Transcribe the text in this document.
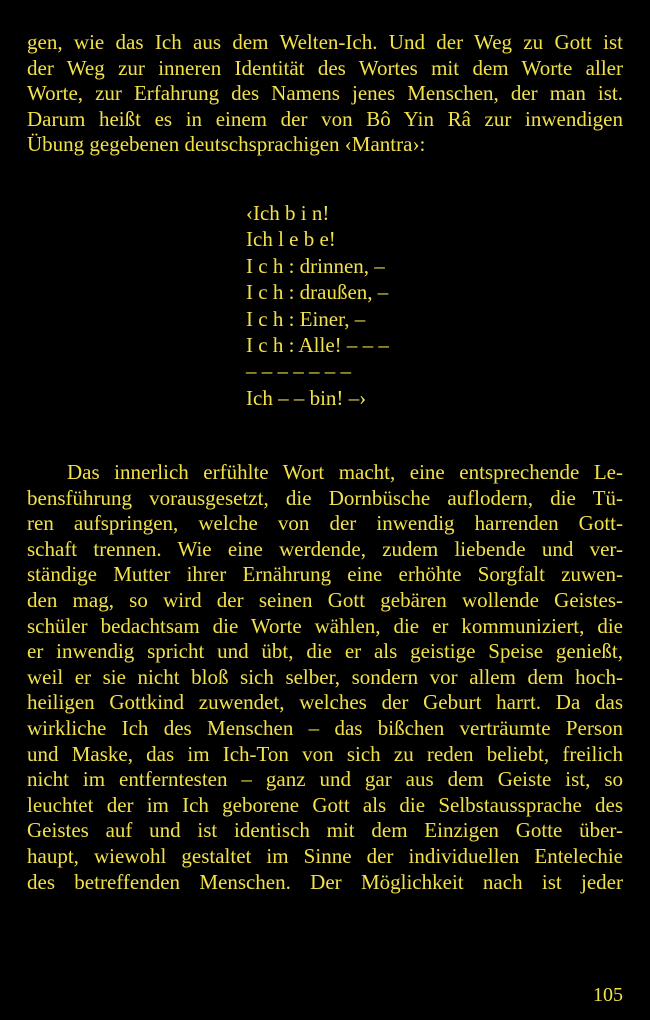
gen, wie das Ich aus dem Welten-Ich. Und der Weg zu Gott ist
der Weg zur inneren Identität des Wortes mit dem Worte aller
Worte, zur Erfahrung des Namens jenes Menschen, der man ist.
Darum heißt es in einem der von Bô Yin Râ zur inwendigen
Übung gegebenen deutschsprachigen ‹Mantra›:

‹Ich b i n!
Ich l e b e!
I c h : drinnen, –
I c h : draußen, –
I c h : Einer, –
I c h : Alle! – – –
– – – – – – –
Ich – – bin! –›

Das innerlich erfühlte Wort macht, eine entsprechende Le-
bensführung vorausgesetzt, die Dornbüsche auflodern, die Tü-
ren aufspringen, welche von der inwendig harrenden Gott-
schaft trennen. Wie eine werdende, zudem liebende und ver-
ständige Mutter ihrer Ernährung eine erhöhte Sorgfalt zuwen-
den mag, so wird der seinen Gott gebären wollende Geistes-
schüler bedachtsam die Worte wählen, die er kommuniziert, die
er inwendig spricht und übt, die er als geistige Speise genießt,
weil er sie nicht bloß sich selber, sondern vor allem dem hoch-
heiligen Gottkind zuwendet, welches der Geburt harrt. Da das
wirkliche Ich des Menschen – das bißchen verträumte Person
und Maske, das im Ich-Ton von sich zu reden beliebt, freilich
nicht im entferntesten – ganz und gar aus dem Geiste ist, so
leuchtet der im Ich geborene Gott als die Selbstaussprache des
Geistes auf und ist identisch mit dem Einzigen Gotte über-
haupt, wiewohl gestaltet im Sinne der individuellen Entelechie
des betreffenden Menschen. Der Möglichkeit nach ist jeder

105
